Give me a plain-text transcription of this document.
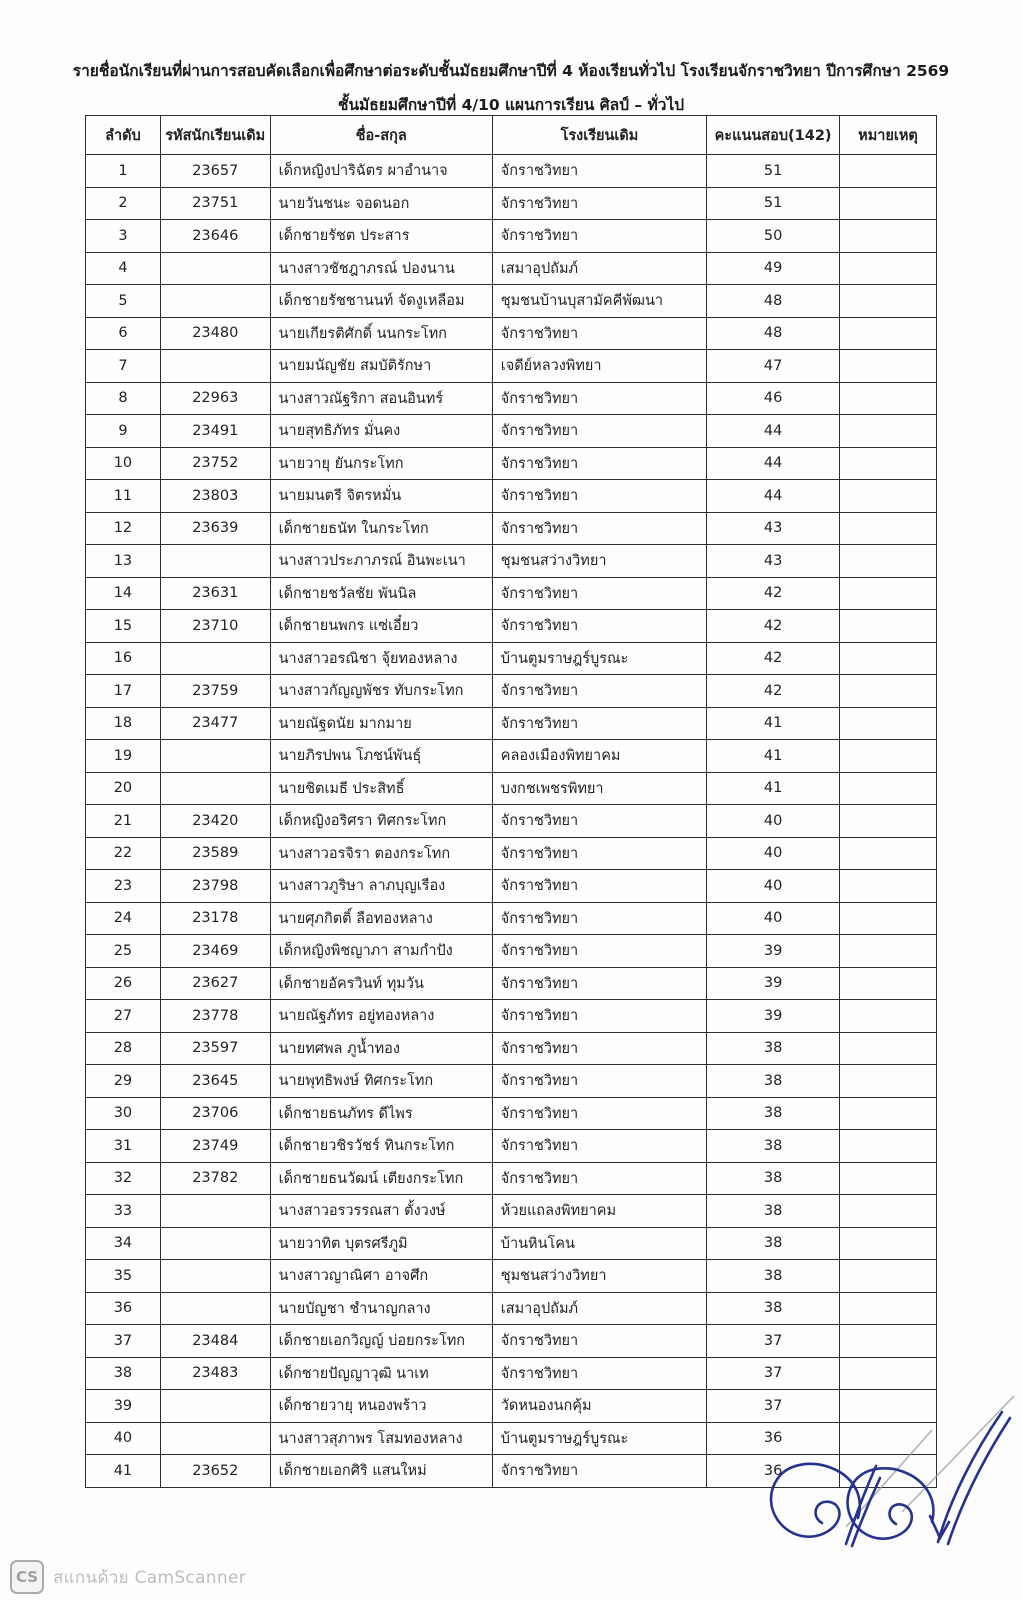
รายชื่อนักเรียนที่ผ่านการสอบคัดเลือกเพื่อศึกษาต่อระดับชั้นมัธยมศึกษาปีที่ 4 ห้องเรียนทั่วไป โรงเรียนจักราชวิทยา ปีการศึกษา 2569
ชั้นมัธยมศึกษาปีที่ 4/10 แผนการเรียน ศิลป์ – ทั่วไป
ลำดับ	รหัสนักเรียนเดิม	ชื่อ-สกุล	โรงเรียนเดิม	คะแนนสอบ(142)	หมายเหตุ
1	23657	เด็กหญิงปาริฉัตร ผาอำนาจ	จักราชวิทยา	51	
2	23751	นายวันชนะ จอดนอก	จักราชวิทยา	51	
3	23646	เด็กชายรัชต ประสาร	จักราชวิทยา	50	
4		นางสาวชัชฎาภรณ์ ปองนาน	เสมาอุปถัมภ์	49	
5		เด็กชายรัชชานนท์ จัดงูเหลือม	ชุมชนบ้านบุสามัคคีพัฒนา	48	
6	23480	นายเกียรติศักดิ์ นนกระโทก	จักราชวิทยา	48	
7		นายมนัญชัย สมบัติรักษา	เจดีย์หลวงพิทยา	47	
8	22963	นางสาวณัฐริกา สอนอินทร์	จักราชวิทยา	46	
9	23491	นายสุทธิภัทร มั่นคง	จักราชวิทยา	44	
10	23752	นายวายุ ยันกระโทก	จักราชวิทยา	44	
11	23803	นายมนตรี จิตรหมั่น	จักราชวิทยา	44	
12	23639	เด็กชายธนัท ในกระโทก	จักราชวิทยา	43	
13		นางสาวประภาภรณ์ อินพะเนา	ชุมชนสว่างวิทยา	43	
14	23631	เด็กชายชวัลชัย พันนิล	จักราชวิทยา	42	
15	23710	เด็กชายนพกร แซ่เอี๋ยว	จักราชวิทยา	42	
16		นางสาวอรณิชา จุ้ยทองหลาง	บ้านตูมราษฎร์บูรณะ	42	
17	23759	นางสาวกัญญพัชร ทับกระโทก	จักราชวิทยา	42	
18	23477	นายณัฐดนัย มากมาย	จักราชวิทยา	41	
19		นายภิรปพน โภชน์พันธุ์	คลองเมืองพิทยาคม	41	
20		นายชิตเมธี ประสิทธิ์	บงกชเพชรพิทยา	41	
21	23420	เด็กหญิงอริศรา ทิศกระโทก	จักราชวิทยา	40	
22	23589	นางสาวอรจิรา ตองกระโทก	จักราชวิทยา	40	
23	23798	นางสาวภูริษา ลาภบุญเรือง	จักราชวิทยา	40	
24	23178	นายศุภกิตติ์ ลือทองหลาง	จักราชวิทยา	40	
25	23469	เด็กหญิงพิชญาภา สามกำปัง	จักราชวิทยา	39	
26	23627	เด็กชายอัครวินท์ ทุมวัน	จักราชวิทยา	39	
27	23778	นายณัฐภัทร อยู่ทองหลาง	จักราชวิทยา	39	
28	23597	นายทศพล ภูน้ำทอง	จักราชวิทยา	38	
29	23645	นายพุทธิพงษ์ ทิศกระโทก	จักราชวิทยา	38	
30	23706	เด็กชายธนภัทร ดีไพร	จักราชวิทยา	38	
31	23749	เด็กชายวชิรวัชร์ ทินกระโทก	จักราชวิทยา	38	
32	23782	เด็กชายธนวัฒน์ เตียงกระโทก	จักราชวิทยา	38	
33		นางสาวอรวรรณสา ตั้งวงษ์	ห้วยแถลงพิทยาคม	38	
34		นายวาทิต บุตรศรีภูมิ	บ้านหินโคน	38	
35		นางสาวญาณิศา อาจศึก	ชุมชนสว่างวิทยา	38	
36		นายบัญชา ชำนาญกลาง	เสมาอุปถัมภ์	38	
37	23484	เด็กชายเอกวิญญ์ บ่อยกระโทก	จักราชวิทยา	37	
38	23483	เด็กชายปัญญาวุฒิ นาเท	จักราชวิทยา	37	
39		เด็กชายวายุ หนองพร้าว	วัดหนองนกคุ้ม	37	
40		นางสาวสุภาพร โสมทองหลาง	บ้านตูมราษฎร์บูรณะ	36	
41	23652	เด็กชายเอกศิริ แสนใหม่	จักราชวิทยา	36	
CS สแกนด้วย CamScanner
